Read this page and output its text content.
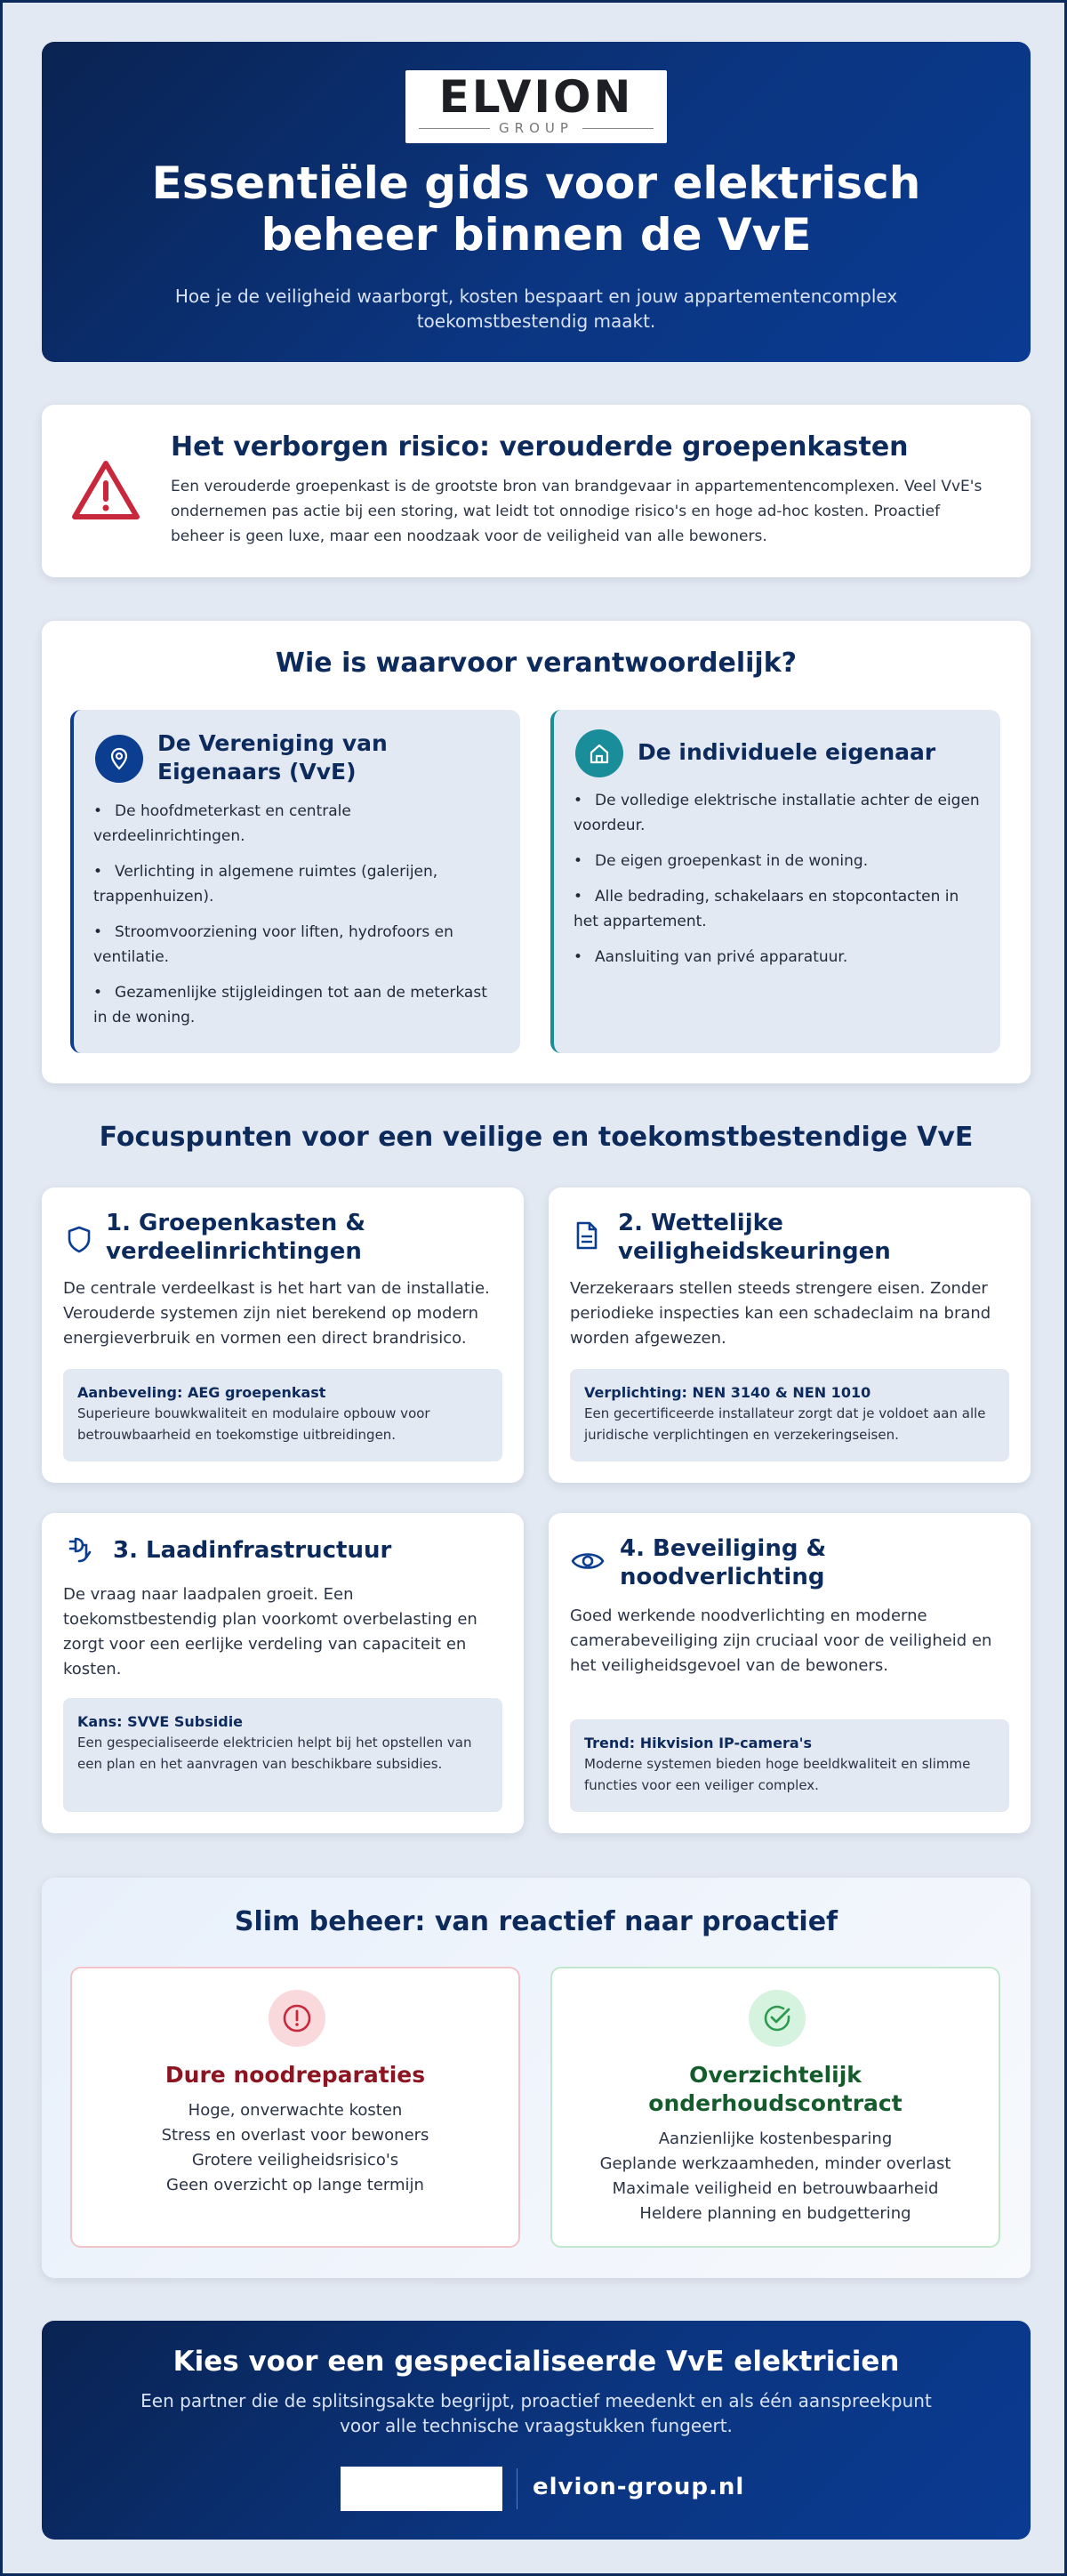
ELVION
GROUP
Essentiële gids voor elektrisch beheer binnen de VvE
Hoe je de veiligheid waarborgt, kosten bespaart en jouw appartementencomplex toekomstbestendig maakt.
Het verborgen risico: verouderde groepenkasten
Een verouderde groepenkast is de grootste bron van brandgevaar in appartementencomplexen. Veel VvE's ondernemen pas actie bij een storing, wat leidt tot onnodige risico's en hoge ad-hoc kosten. Proactief beheer is geen luxe, maar een noodzaak voor de veiligheid van alle bewoners.
Wie is waarvoor verantwoordelijk?
De Vereniging van Eigenaars (VvE)
• De hoofdmeterkast en centrale verdeelinrichtingen.
• Verlichting in algemene ruimtes (galerijen, trappenhuizen).
• Stroomvoorziening voor liften, hydrofoors en ventilatie.
• Gezamenlijke stijgleidingen tot aan de meterkast in de woning.
De individuele eigenaar
• De volledige elektrische installatie achter de eigen voordeur.
• De eigen groepenkast in de woning.
• Alle bedrading, schakelaars en stopcontacten in het appartement.
• Aansluiting van privé apparatuur.
Focuspunten voor een veilige en toekomstbestendige VvE
1. Groepenkasten & verdeelinrichtingen
De centrale verdeelkast is het hart van de installatie. Verouderde systemen zijn niet berekend op modern energieverbruik en vormen een direct brandrisico.
Aanbeveling: AEG groepenkast
Superieure bouwkwaliteit en modulaire opbouw voor betrouwbaarheid en toekomstige uitbreidingen.
2. Wettelijke veiligheidskeuringen
Verzekeraars stellen steeds strengere eisen. Zonder periodieke inspecties kan een schadeclaim na brand worden afgewezen.
Verplichting: NEN 3140 & NEN 1010
Een gecertificeerde installateur zorgt dat je voldoet aan alle juridische verplichtingen en verzekeringseisen.
3. Laadinfrastructuur
De vraag naar laadpalen groeit. Een toekomstbestendig plan voorkomt overbelasting en zorgt voor een eerlijke verdeling van capaciteit en kosten.
Kans: SVVE Subsidie
Een gespecialiseerde elektricien helpt bij het opstellen van een plan en het aanvragen van beschikbare subsidies.
4. Beveiliging & noodverlichting
Goed werkende noodverlichting en moderne camerabeveiliging zijn cruciaal voor de veiligheid en het veiligheidsgevoel van de bewoners.
Trend: Hikvision IP-camera's
Moderne systemen bieden hoge beeldkwaliteit en slimme functies voor een veiliger complex.
Slim beheer: van reactief naar proactief
Dure noodreparaties
Hoge, onverwachte kosten
Stress en overlast voor bewoners
Grotere veiligheidsrisico's
Geen overzicht op lange termijn
Overzichtelijk onderhoudscontract
Aanzienlijke kostenbesparing
Geplande werkzaamheden, minder overlast
Maximale veiligheid en betrouwbaarheid
Heldere planning en budgettering
Kies voor een gespecialiseerde VvE elektricien
Een partner die de splitsingsakte begrijpt, proactief meedenkt en als één aanspreekpunt voor alle technische vraagstukken fungeert.
elvion-group.nl
